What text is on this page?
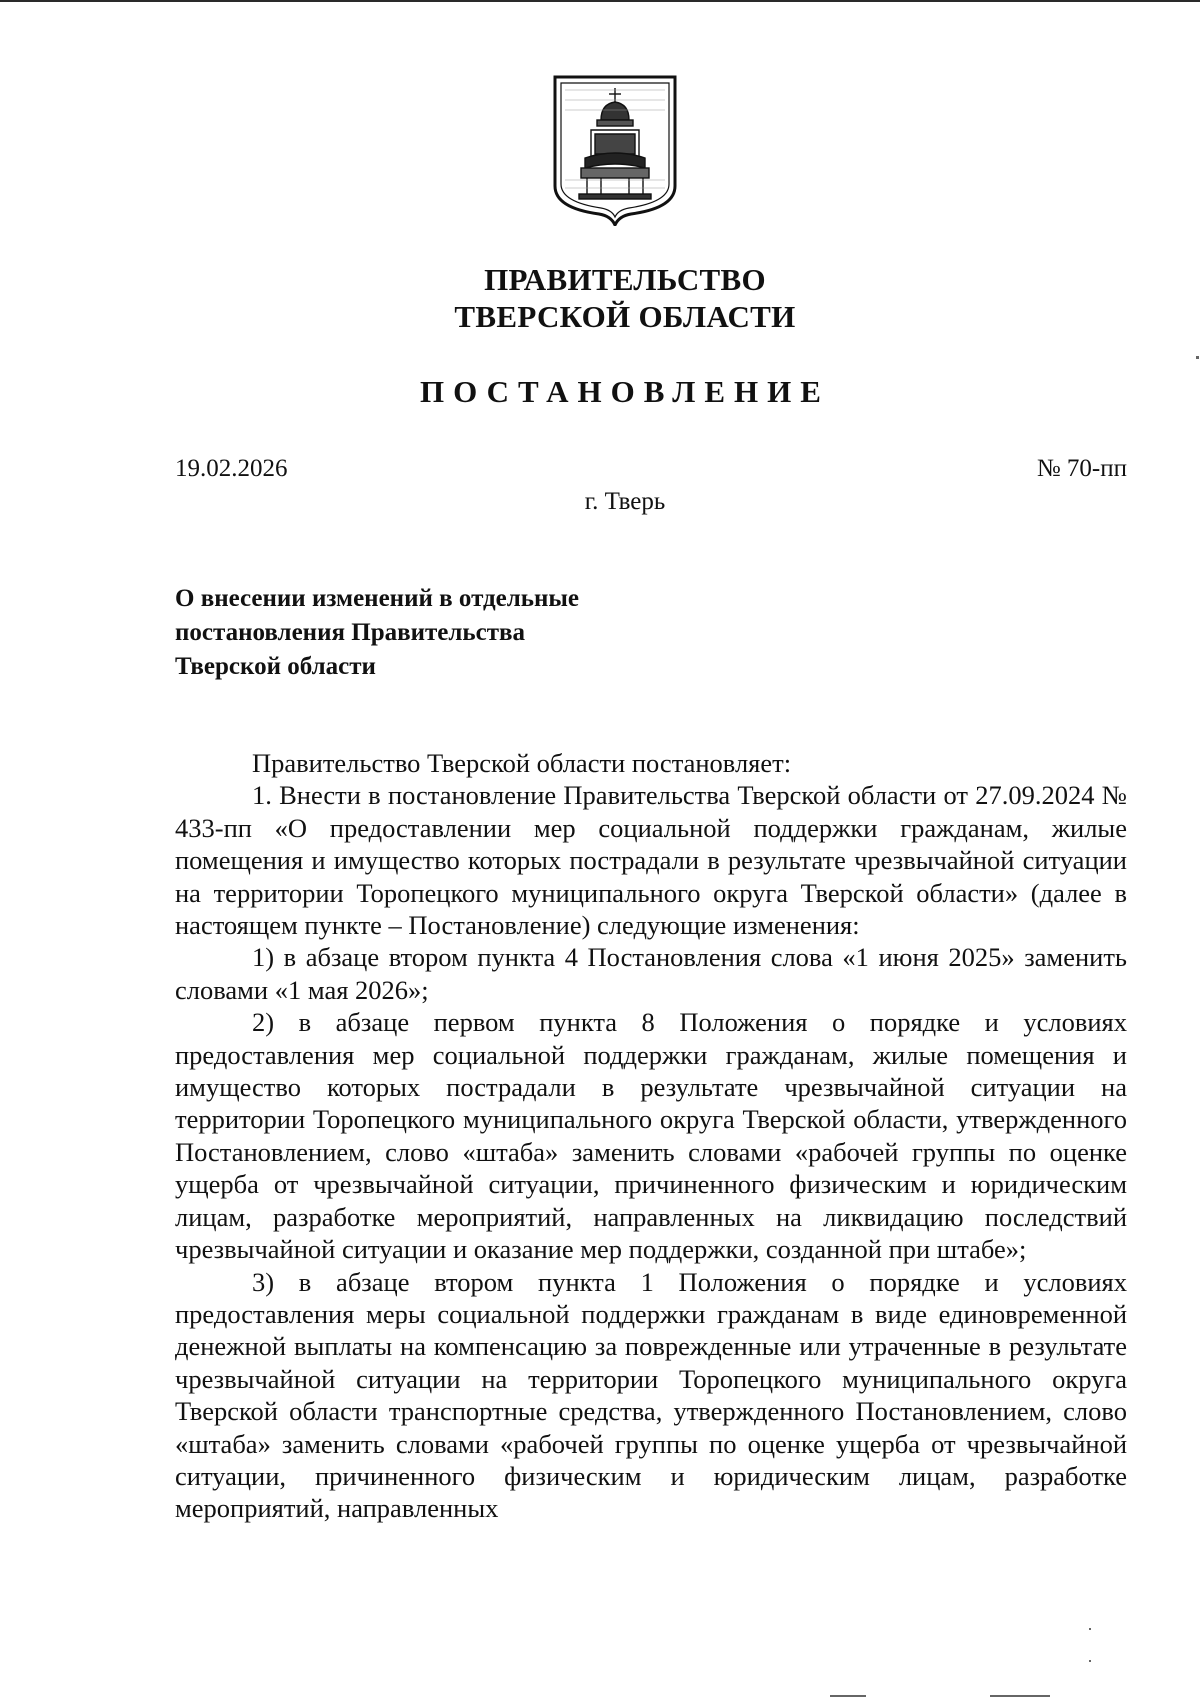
ПРАВИТЕЛЬСТВО
ТВЕРСКОЙ ОБЛАСТИ
ПОСТАНОВЛЕНИЕ
19.02.2026	№ 70-пп
г. Тверь
О внесении изменений в отдельные
постановления Правительства
Тверской области

Правительство Тверской области постановляет:

1. Внести в постановление Правительства Тверской области от 27.09.2024 № 433-пп «О предоставлении мер социальной поддержки гражданам, жилые помещения и имущество которых пострадали в результате чрезвычайной ситуации на территории Торопецкого муниципального округа Тверской области» (далее в настоящем пункте – Постановление) следующие изменения:

1) в абзаце втором пункта 4 Постановления слова «1 июня 2025» заменить словами «1 мая 2026»;

2) в абзаце первом пункта 8 Положения о порядке и условиях предоставления мер социальной поддержки гражданам, жилые помещения и имущество которых пострадали в результате чрезвычайной ситуации на территории Торопецкого муниципального округа Тверской области, утвержденного Постановлением, слово «штаба» заменить словами «рабочей группы по оценке ущерба от чрезвычайной ситуации, причиненного физическим и юридическим лицам, разработке мероприятий, направленных на ликвидацию последствий чрезвычайной ситуации и оказание мер поддержки, созданной при штабе»;

3) в абзаце втором пункта 1 Положения о порядке и условиях предоставления меры социальной поддержки гражданам в виде единовременной денежной выплаты на компенсацию за поврежденные или утраченные в результате чрезвычайной ситуации на территории Торопецкого муниципального округа Тверской области транспортные средства, утвержденного Постановлением, слово «штаба» заменить словами «рабочей группы по оценке ущерба от чрезвычайной ситуации, причиненного физическим и юридическим лицам, разработке мероприятий, направленных
